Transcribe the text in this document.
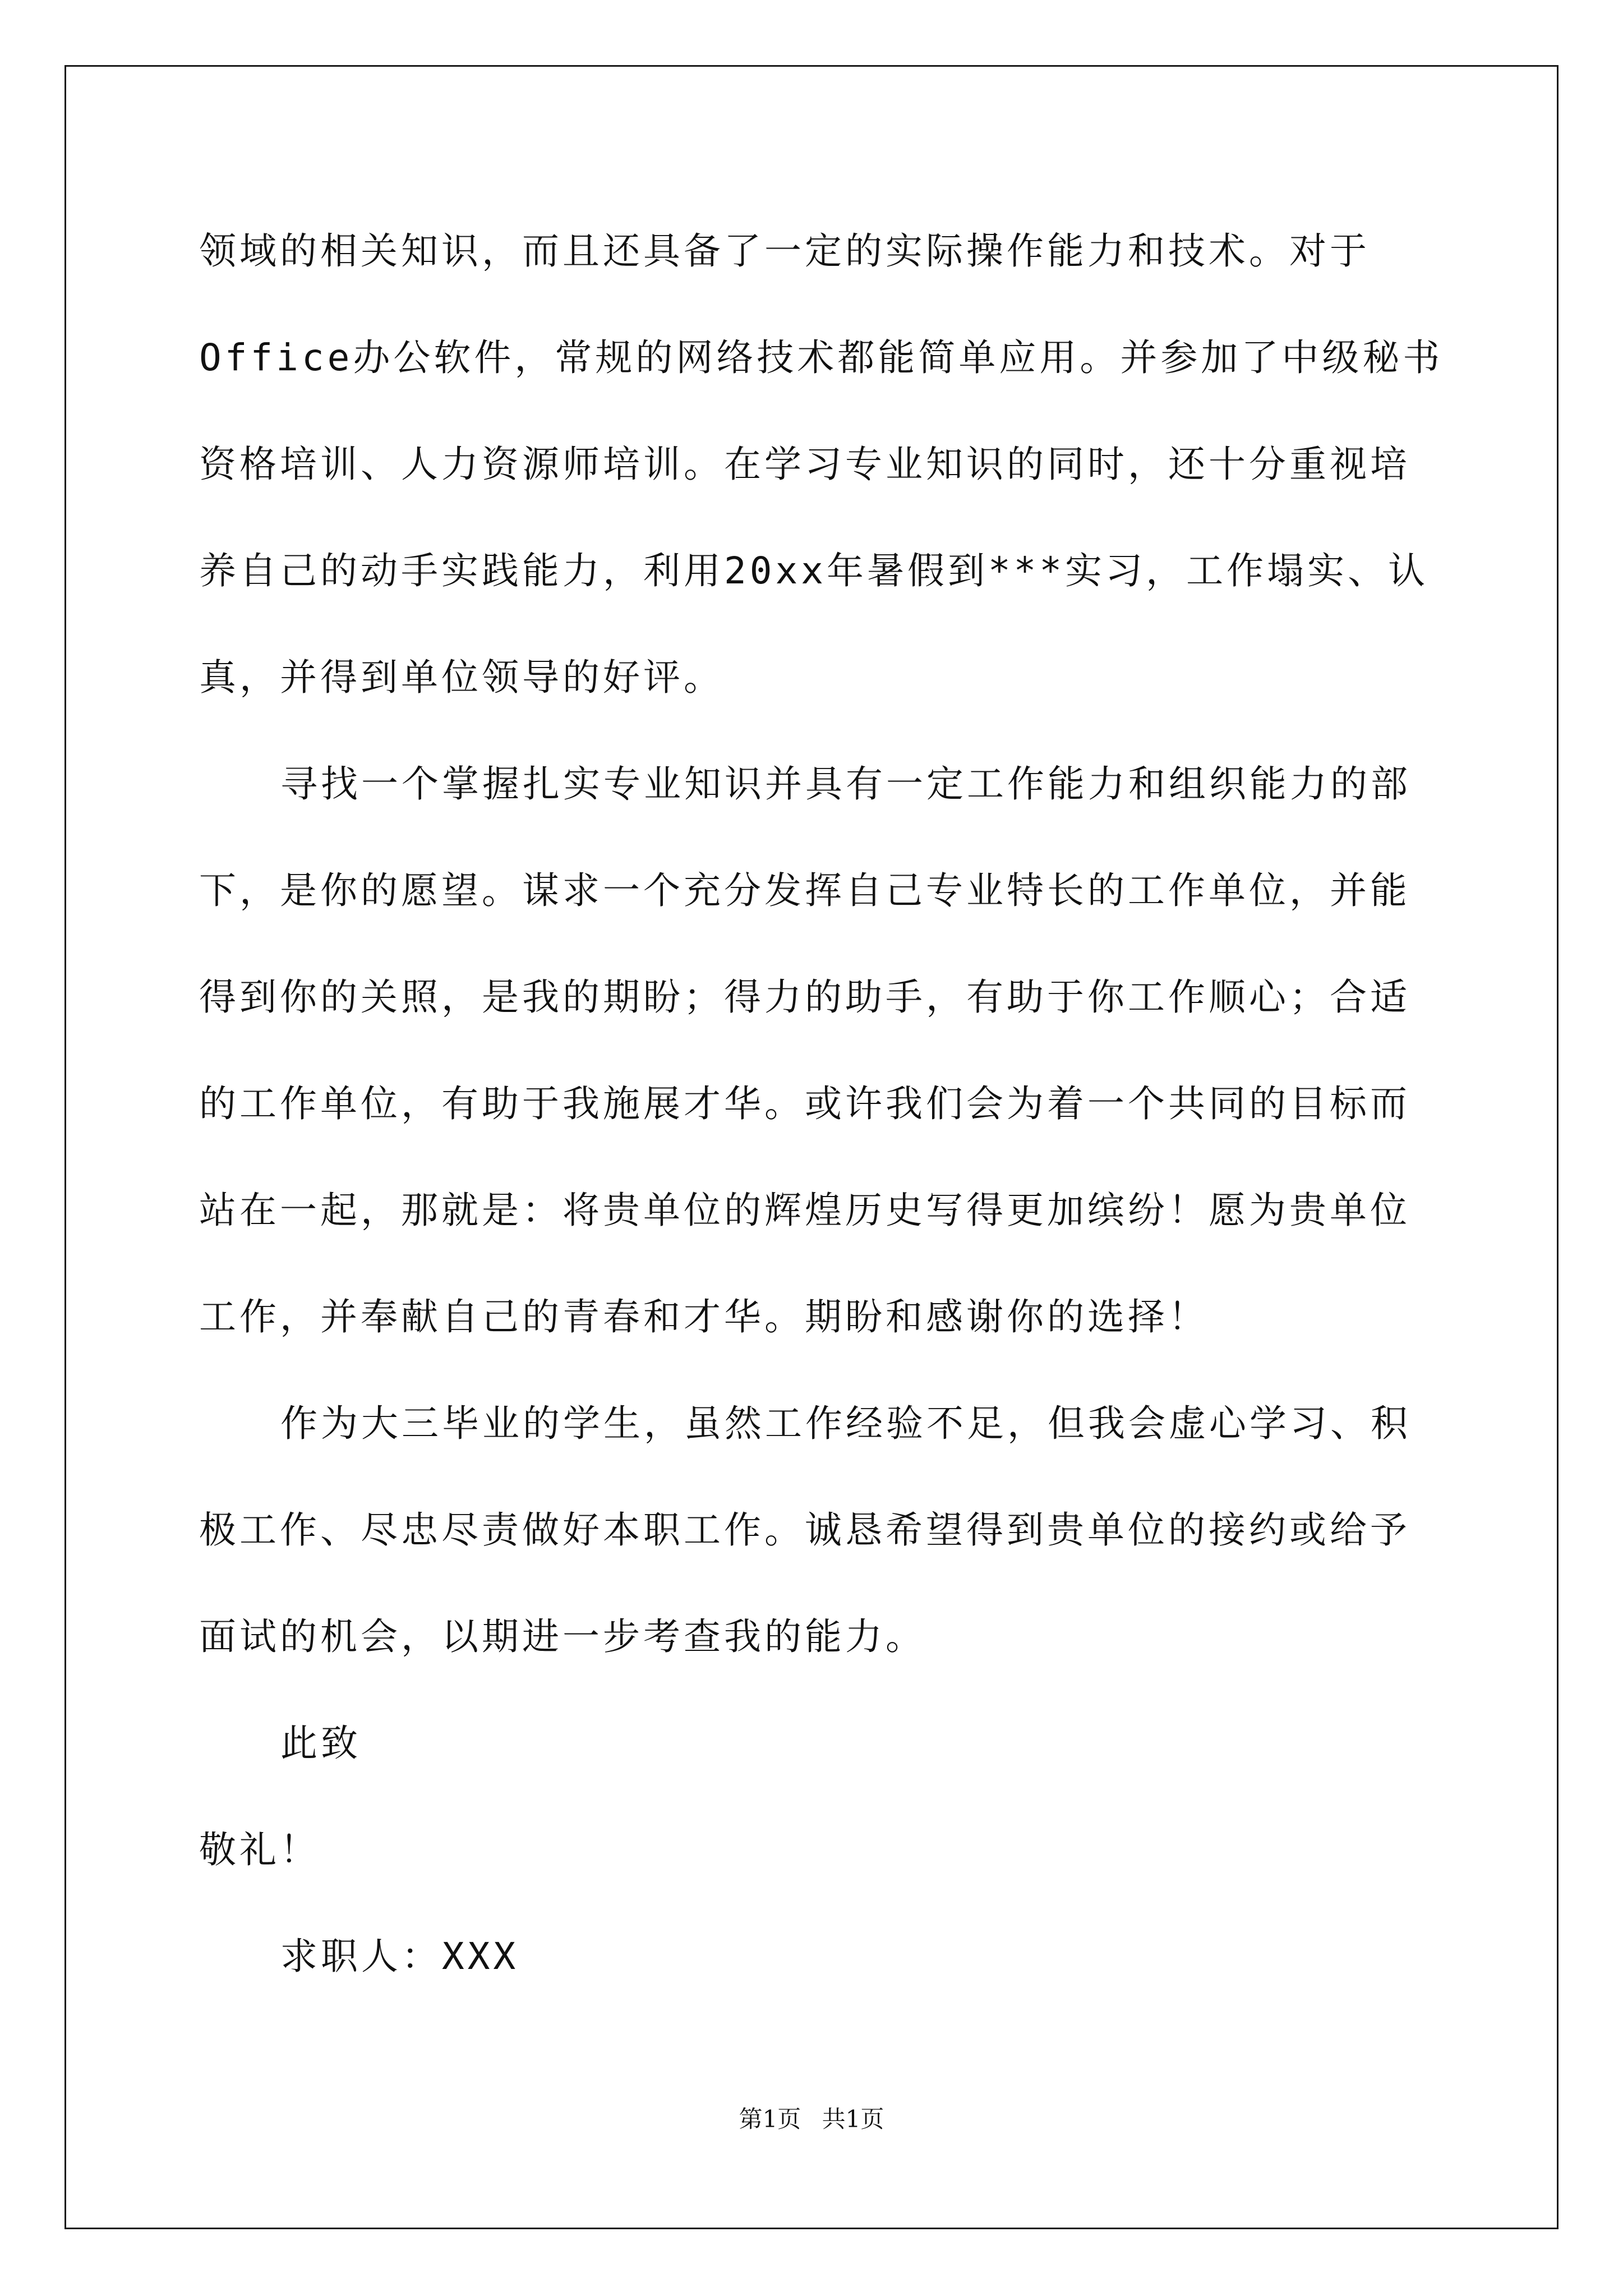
领域的相关知识，而且还具备了一定的实际操作能力和技术。对于
Office办公软件，常规的网络技术都能简单应用。并参加了中级秘书
资格培训、人力资源师培训。在学习专业知识的同时，还十分重视培
养自己的动手实践能力，利用20xx年暑假到***实习，工作塌实、认
真，并得到单位领导的好评。
寻找一个掌握扎实专业知识并具有一定工作能力和组织能力的部
下，是你的愿望。谋求一个充分发挥自己专业特长的工作单位，并能
得到你的关照，是我的期盼；得力的助手，有助于你工作顺心；合适
的工作单位，有助于我施展才华。或许我们会为着一个共同的目标而
站在一起，那就是：将贵单位的辉煌历史写得更加缤纷！愿为贵单位
工作，并奉献自己的青春和才华。期盼和感谢你的选择！
作为大三毕业的学生，虽然工作经验不足，但我会虚心学习、积
极工作、尽忠尽责做好本职工作。诚恳希望得到贵单位的接约或给予
面试的机会，以期进一步考查我的能力。
此致
敬礼！
求职人：XXX
第1页 共1页
